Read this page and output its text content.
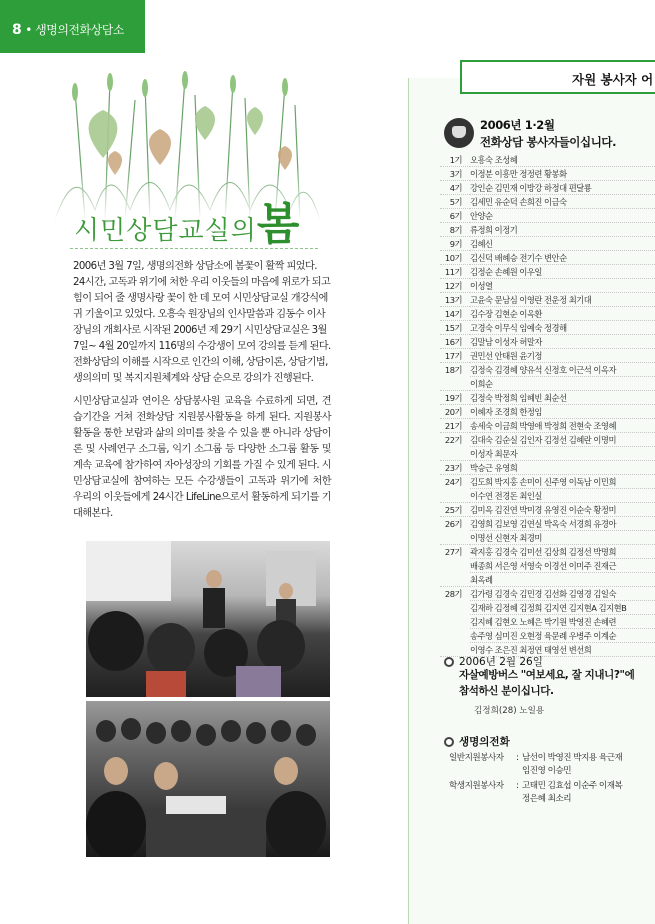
8 • 생명의전화상담소
시민상담교실의봄

2006년 3월 7일, 생명의전화 상담소에 봄꽃이 활짝 피었다. 24시간, 고독과 위기에 처한 우리 이웃들의 마음에 위로가 되고 힘이 되어 줄 생명사랑 꽃이 한 데 모여 시민상담교실 개강식에 귀 기울이고 있었다. 오흥숙 원장님의 인사말씀과 김동수 이사장님의 개회사로 시작된 2006년 제 29기 시민상담교실은 3월 7일~ 4월 20일까지 116명의 수강생이 모여 강의를 듣게 된다. 전화상담의 이해를 시작으로 인간의 이해, 상담이론, 상담기법, 생의의미 및 복지지원체계와 상담 순으로 강의가 진행된다.

시민상담교실과 연이은 상담봉사원 교육을 수료하게 되면, 견습기간을 거쳐 전화상담 지원봉사활동을 하게 된다. 지원봉사활동을 통한 보람과 삶의 의미를 찾을 수 있을 뿐 아니라 상담이론 및 사례연구 소그룹, 익기 소그룹 등 다양한 소그룹 활동 및 계속 교육에 참가하여 자아성장의 기회를 가질 수 있게 된다. 시민상담교실에 참여하는 모든 수강생들이 고독과 위기에 처한 우리의 이웃들에게 24시간 LifeLine으로서 활동하게 되기를 기대해본다.

자원 봉사자 어
2006년 1·2월
전화상담 봉사자들이십니다.
1기 오흥숙 조성혜
3기 이정분 이흥만 정정련 황봉화
4기 강인순 김민재 이방강 하정대 편달룡
5기 김세민 유순덕 손희진 이금숙
6기 안양순
8기 류정희 이정기
9기 김혜신
10기 김신덕 배혜승 전기수 변안순
11기 김정순 손혜원 이우일
12기 이성열
13기 고윤숙 문남심 이영란 전운정 최기대
14기 김수장 김현순 이옥환
15기 고경숙 이무식 임예숙 정경해
16기 김말남 이성자 허말자
17기 권민선 안태원 윤기정
18기 김정숙 김경혜 양유석 신정호 이근석 이옥자
이희순
19기 김정숙 박정희 임혜빈 최순선
20기 이혜자 조경희 한정임
21기 송세숙 이금희 박영애 박정희 전현숙 조영혜
22기 김대숙 김순실 김인자 김정선 김혜란 이명미
이성자 최문자
23기 박승근 유영희
24기 김도희 박지홍 손미이 신주영 이독남 이민희
이수연 전경돈 최인실
25기 김미옥 김진연 박미경 유영진 이순숙 황정미
26기 김영희 김보영 김연실 박옥숙 서경희 유경아
이명선 신현자 최경미
27기 곽지홍 김경숙 김미선 김상희 김정선 박명희
배종희 서은영 서영숙 이경선 이미주 진재근
최옥례
28기 김가령 김경숙 김민경 김선화 김영경 김일숙
김재하 김정혜 김정희 김지연 김지현A 김지현B
김지혜 김현오 노혜은 박기원 박영진 손혜련
송주영 심미진 오현정 육문례 우병주 이계순
이영수 조은진 최정연 태영선 변선희
2006년 2월 26일
자살예방버스 "여보세요, 잘 지내니?"에
참석하신 분이십니다.
김정희(28) 노일용
생명의전화
일반지원봉사자	: 남선이 박영진 박지용 육근재
임진영 이승민
학생지원봉사자	: 고태민 김효섭 이순주 이재복
정은혜 최소리
